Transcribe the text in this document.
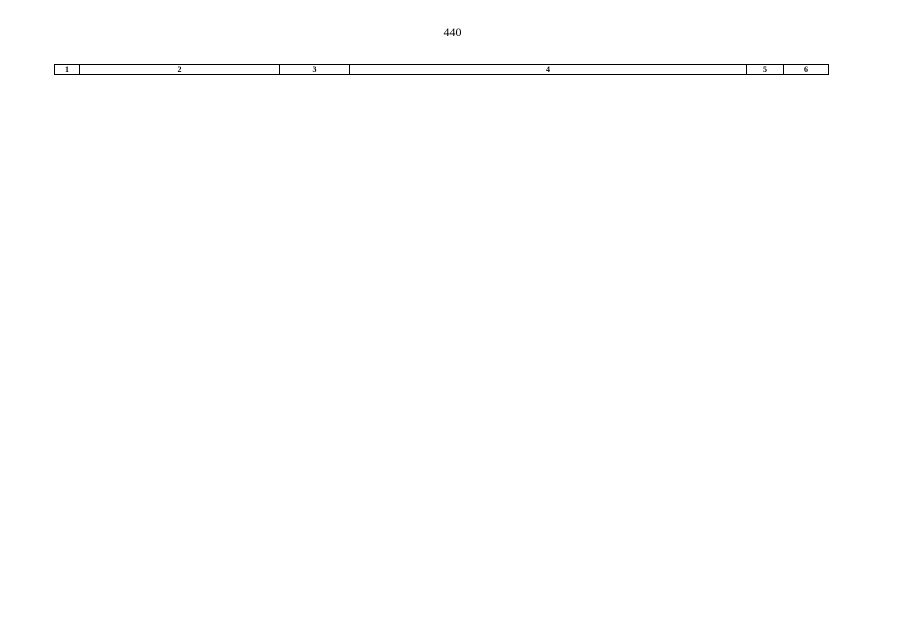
440
1	2	3	4	5	6
